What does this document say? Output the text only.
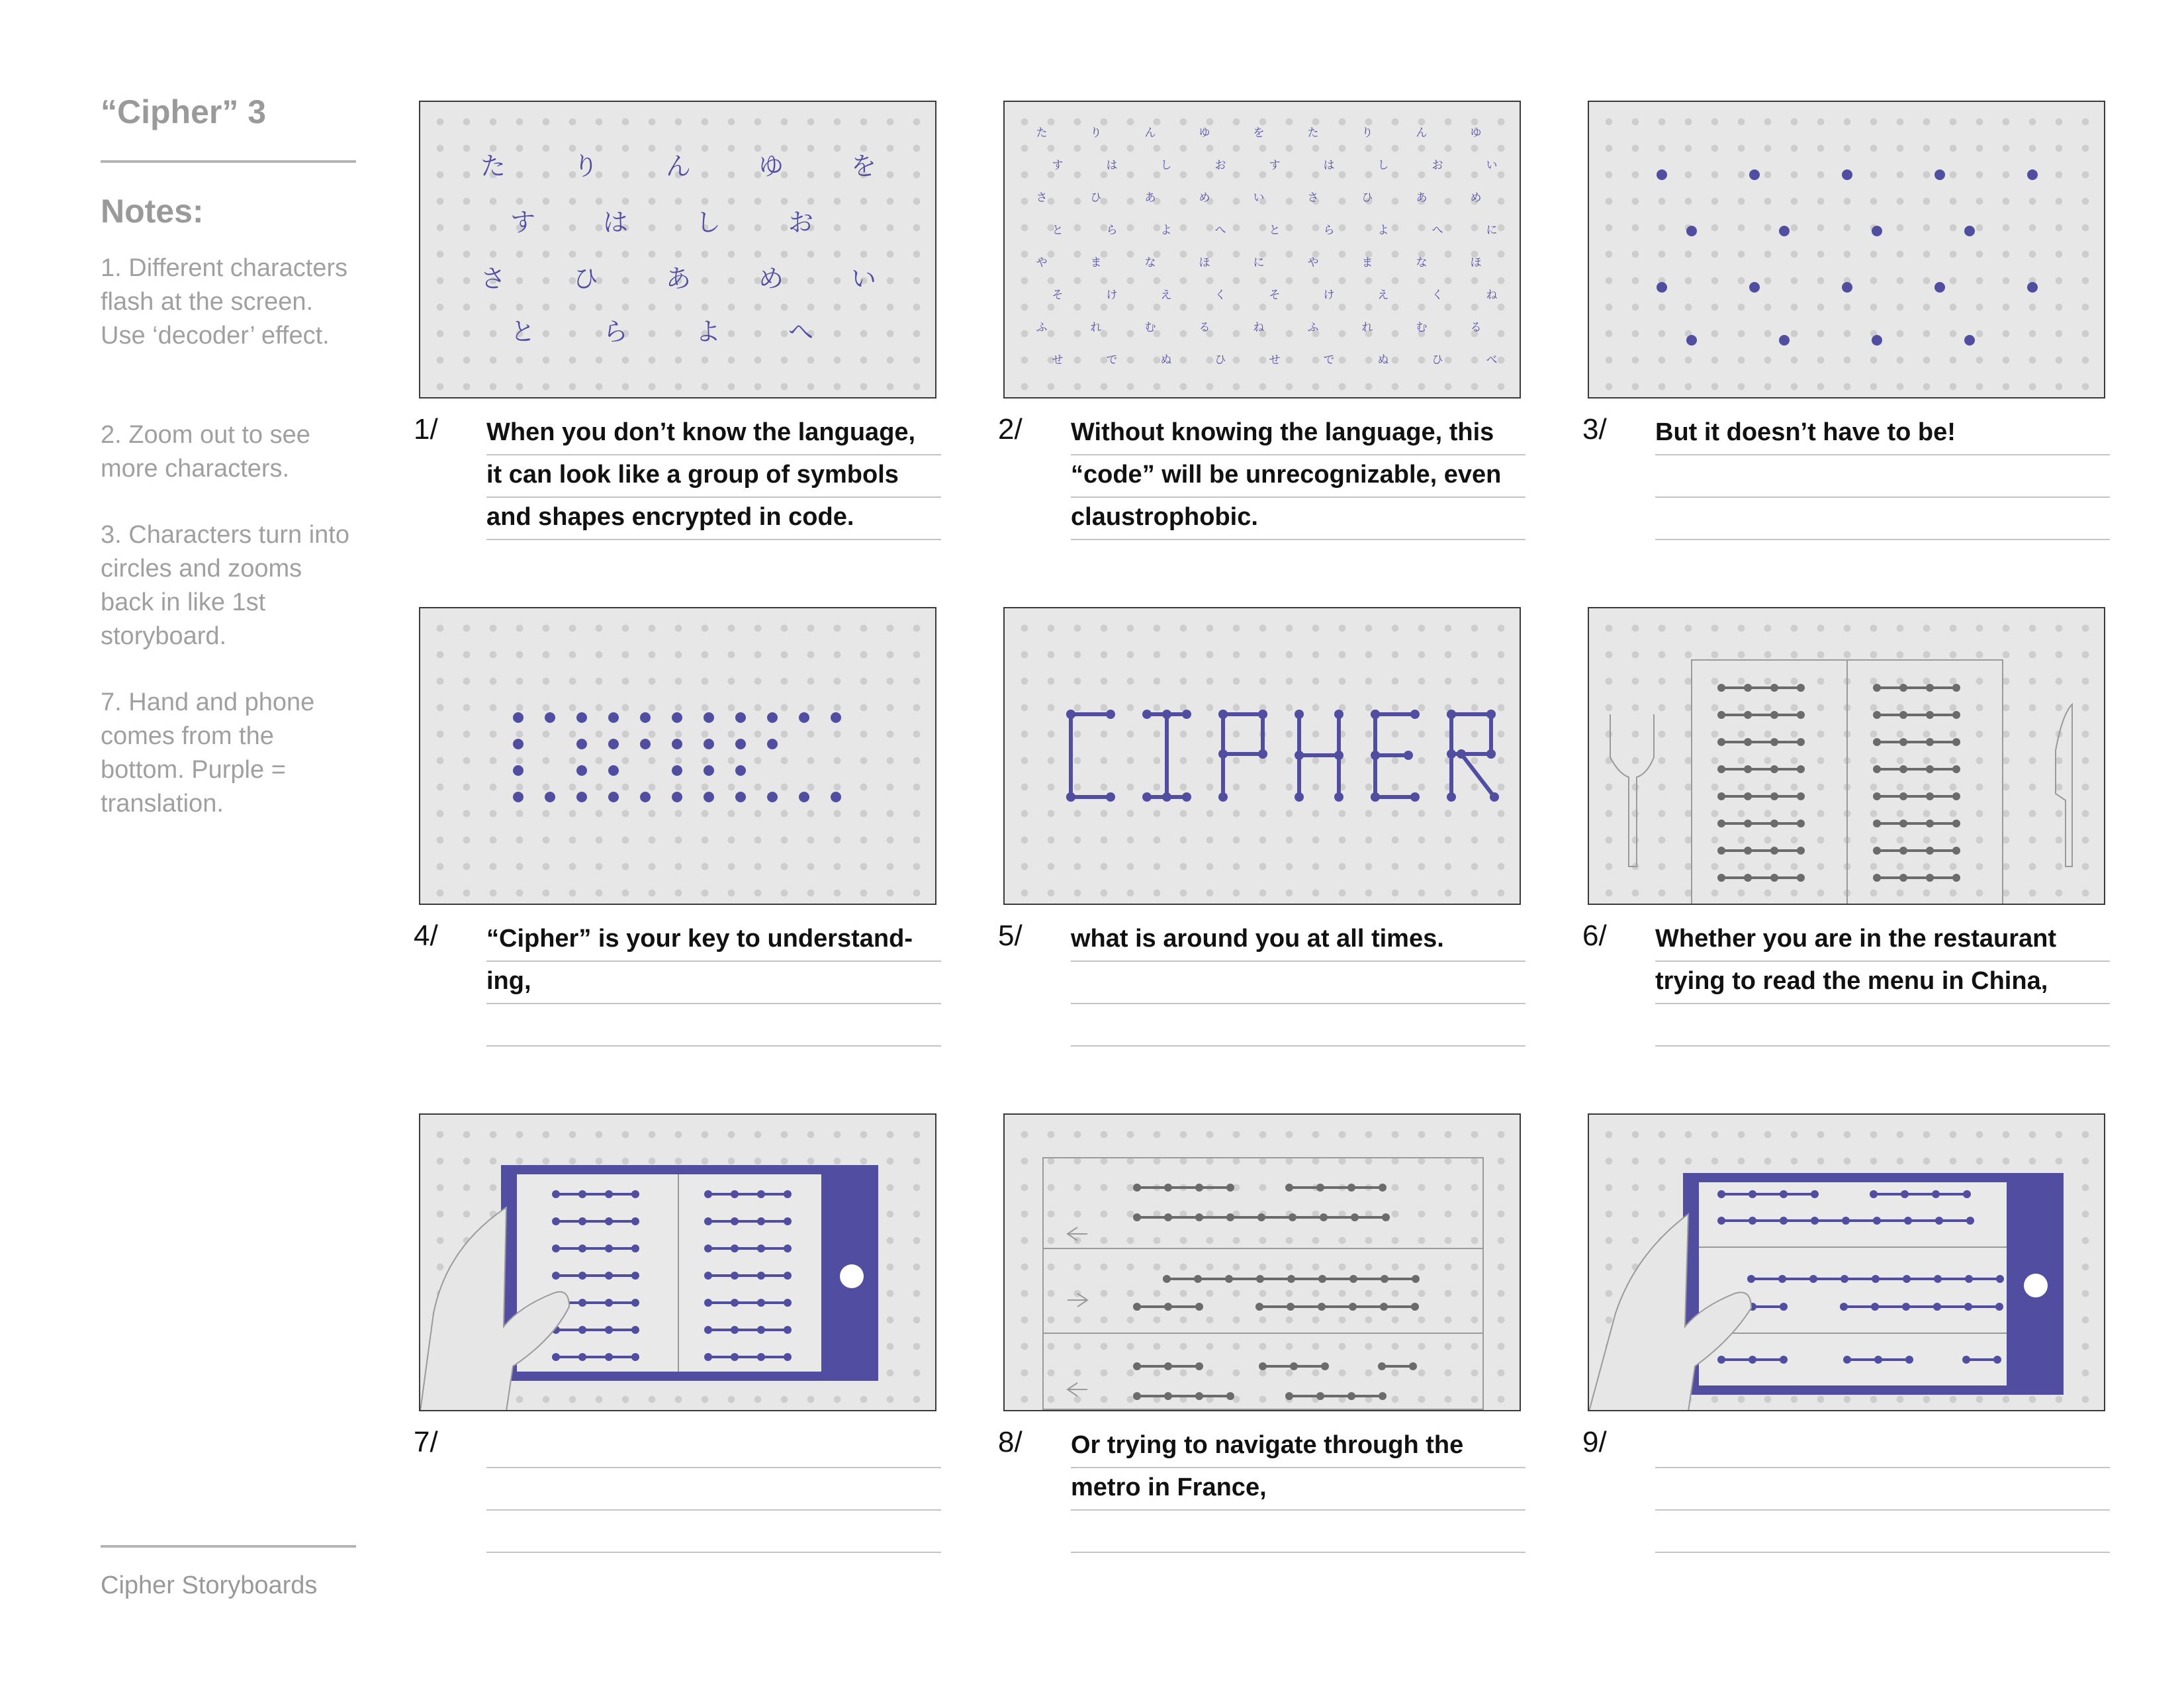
“Cipher” 3
Notes:
1. Different characters flash at the screen. Use ‘decoder’ effect.
2. Zoom out to see more characters.
3. Characters turn into circles and zooms back in like 1st storyboard.
7. Hand and phone comes from the bottom. Purple = translation.
Cipher Storyboards
た	り	ん	ゆ	を
す	は	し	お
さ	ひ	あ	め	い
と	ら	よ	へ
1/ When you don’t know the language,
it can look like a group of symbols
and shapes encrypted in code.
た	り	ん	ゆ	を	た	り	ん	ゆ
す	は	し	お	す	は	し	お	い
さ	ひ	あ	め	い	さ	ひ	あ	め
と	ら	よ	へ	と	ら	よ	へ	に
や	ま	な	ほ	に	や	ま	な	ほ
そ	け	え	く	そ	け	え	く	ね
ふ	れ	む	る	ね	ふ	れ	む	る
せ	で	ぬ	ひ	せ	で	ぬ	ひ	べ
2/ Without knowing the language, this
“code” will be unrecognizable, even
claustrophobic.
3/ But it doesn’t have to be!
4/ “Cipher” is your key to understand-
ing,
5/ what is around you at all times.	6/ Whether you are in the restaurant
trying to read the menu in China,
7/	8/ Or trying to navigate through the
metro in France,
9/
